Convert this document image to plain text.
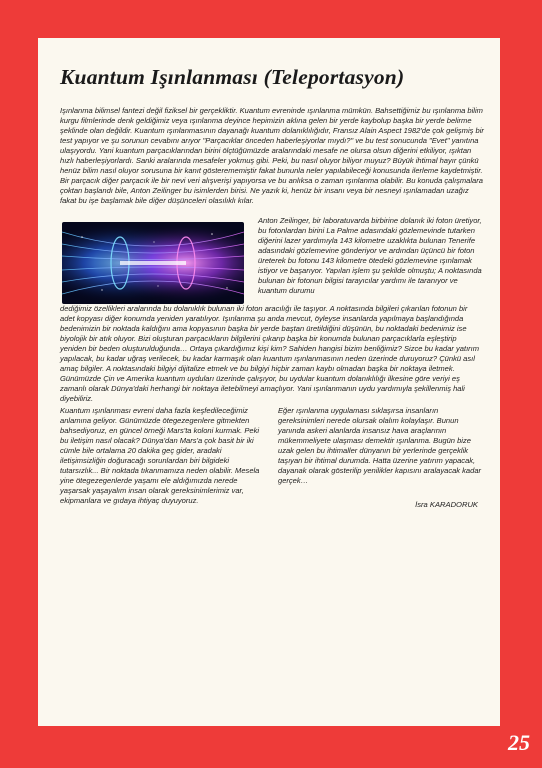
Kuantum Işınlanması (Teleportasyon)

Işınlanma bilimsel fantezi değil fiziksel bir gerçekliktir. Kuantum evreninde ışınlanma mümkün. Bahsettiğimiz bu ışınlanma bilim kurgu filmlerinde denk geldiğimiz veya ışınlanma deyince hepimizin aklına gelen bir yerde kaybolup başka bir yerde belirme şeklinde olan değildir. Kuantum ışınlanmasının dayanağı kuantum dolanıklılığıdır, Fransız Alain Aspect 1982'de çok gelişmiş bir test yapıyor ve şu sorunun cevabını arıyor "Parçacıklar önceden haberleşiyorlar mıydı?" ve bu test sonucunda "Evet" yanıtına ulaşıyordu. Yani kuantum parçacıklarından birini ölçtüğümüzde aralarındaki mesafe ne olursa olsun diğerini etkiliyor, ışıktan hızlı haberleşiyorlardı. Sanki aralarında mesafeler yokmuş gibi. Peki, bu nasıl oluyor biliyor muyuz? Büyük ihtimal hayır çünkü henüz bilim nasıl oluyor sorusuna bir kanıt gösterememiştir fakat bununla neler yapılabileceği konusunda ilerleme kaydetmiştir. Bir parçacık diğer parçacık ile bir nevi veri alışverişi yapıyorsa ve bu anlıksa o zaman ışınlanma olabilir. Bu konuda çalışmalara çoktan başlandı bile, Anton Zeilinger bu isimlerden birisi. Ne yazık ki, henüz bir insanı veya bir nesneyi ışınlamadan uzağız fakat bu işe başlamak bile diğer düşünceleri olasılıklı kılar.

Anton Zeilinger, bir laboratuvarda birbirine dolanık iki foton üretiyor, bu fotonlardan birini La Palme adasındaki gözlemevinde tutarken diğerini lazer yardımıyla 143 kilometre uzaklıkta bulunan Tenerife adasındaki gözlemevine gönderiyor ve ardından üçüncü bir foton üreterek bu fotonu 143 kilometre ötedeki gözlemevine ışınlamak istiyor ve başarıyor. Yapılan işlem şu şekilde olmuştu; A noktasında bulunan bir fotonun bilgisi tarayıcılar yardımı ile taranıyor ve kuantum durumu

dediğimiz özellikleri aralarında bu dolanıklık bulunan iki foton aracılığı ile taşıyor. A noktasında bilgileri çıkarılan fotonun bir adet kopyası diğer konumda yeniden yaratılıyor. Işınlanma şu anda mevcut, öyleyse insanlarda yapılmaya başlandığında bedenimizin bir noktada kaldığını ama kopyasının başka bir yerde baştan üretildiğini düşünün, bu noktadaki bedenimiz ise biyolojik bir atık oluyor. Bizi oluşturan parçacıkların bilgilerini çıkarıp başka bir konumda bulunan parçacıklarla eşleştirip yeniden bir beden oluşturulduğunda… Ortaya çıkardığımız kişi kim? Sahiden hangisi bizim benliğimiz? Sizce bu kadar yatırım yapılacak, bu kadar uğraş verilecek, bu kadar karmaşık olan kuantum ışınlanmasının neden üzerinde duruyoruz? Çünkü asıl amaç bilgiler. A noktasındaki bilgiyi dijitalize etmek ve bu bilgiyi hiçbir zaman kaybı olmadan başka bir noktaya iletmek. Günümüzde Çin ve Amerika kuantum uyduları üzerinde çalışıyor, bu uydular kuantum dolanıklılığı ilkesine göre veriyi eş zamanlı olarak Dünya'daki herhangi bir noktaya iletebilmeyi amaçlıyor. Yani ışınlanmanın uydu yardımıyla şekillenmiş hali diyebiliriz.

Kuantum ışınlanması evreni daha fazla keşfedileceğimiz anlamına geliyor. Günümüzde ötegezegenlere gitmekten bahsediyoruz, en güncel örneği Mars'ta koloni kurmak. Peki bu iletişim nasıl olacak? Dünya'dan Mars'a çok basit bir iki cümle bile ortalama 20 dakika geç gider, aradaki iletişimsizliğin doğuracağı sorunlardan biri bilgideki tutarsızlık... Bir noktada tıkanmamıza neden olabilir. Mesela yine ötegezegenlerde yaşamı ele aldığımızda nerede yaşarsak yaşayalım insan olarak gereksinimlerimiz var, ekipmanlara ve gıdaya ihtiyaç duyuyoruz.

Eğer ışınlanma uygulaması sıklaşırsa insanların gereksinimleri nerede olursak olalım kolaylaşır. Bunun yanında askeri alanlarda insansız hava araçlarının mükemmeliyete ulaşması demektir ışınlanma. Bugün bize uzak gelen bu ihtimaller dünyanın bir yerlerinde gerçeklik taşıyan bir ihtimal durumda. Hatta üzerine yatırım yapacak, dayanak olarak gösterilip yenilikler kapısını aralayacak kadar gerçek…

İsra KARADORUK
25
